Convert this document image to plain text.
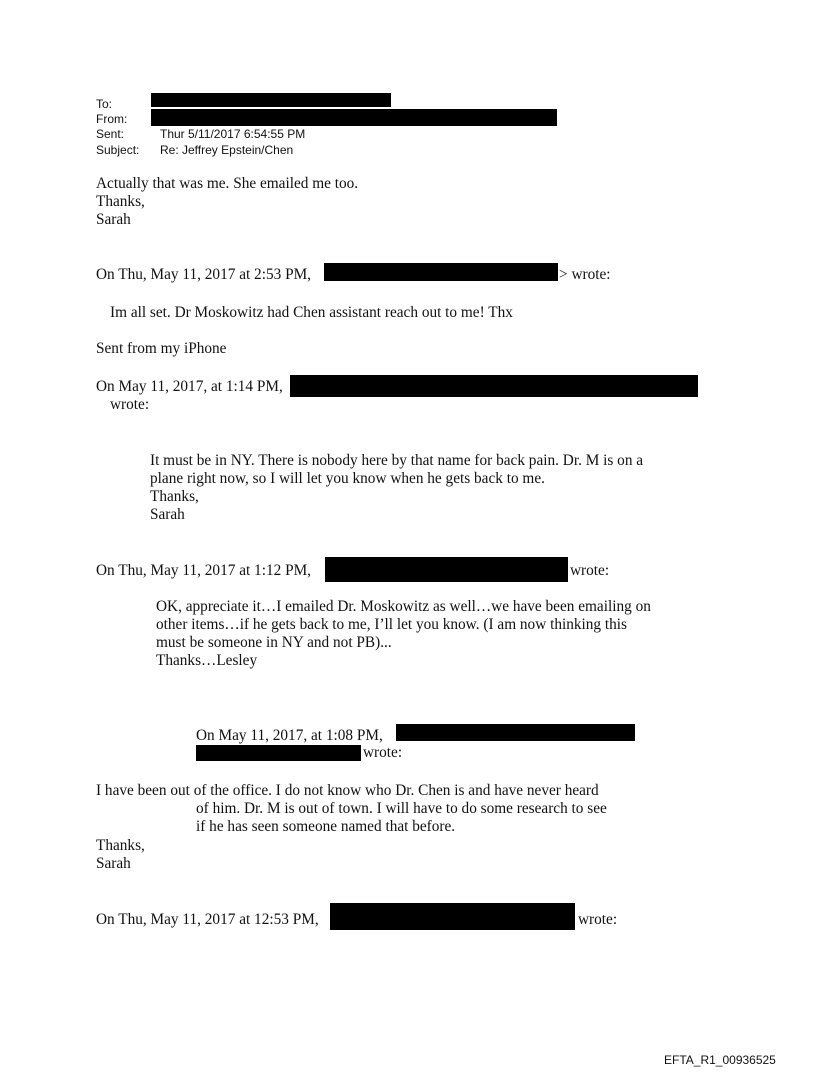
To:
From:
Sent:	Thur 5/11/2017 6:54:55 PM
Subject: Re: Jeffrey Epstein/Chen
Actually that was me. She emailed me too.
Thanks,
Sarah
On Thu, May 11, 2017 at 2:53 PM,	> wrote:
Im all set. Dr Moskowitz had Chen assistant reach out to me! Thx
Sent from my iPhone
On May 11, 2017, at 1:14 PM,
wrote:
It must be in NY. There is nobody here by that name for back pain. Dr. M is on a
plane right now, so I will let you know when he gets back to me.
Thanks,
Sarah
On Thu, May 11, 2017 at 1:12 PM,	wrote:
OK, appreciate it…I emailed Dr. Moskowitz as well…we have been emailing on
other items…if he gets back to me, I’ll let you know. (I am now thinking this
must be someone in NY and not PB)...
Thanks…Lesley
On May 11, 2017, at 1:08 PM,
wrote:
I have been out of the office. I do not know who Dr. Chen is and have never heard
of him. Dr. M is out of town. I will have to do some research to see
if he has seen someone named that before.
Thanks,
Sarah
On Thu, May 11, 2017 at 12:53 PM,	wrote:
EFTA_R1_00936525
